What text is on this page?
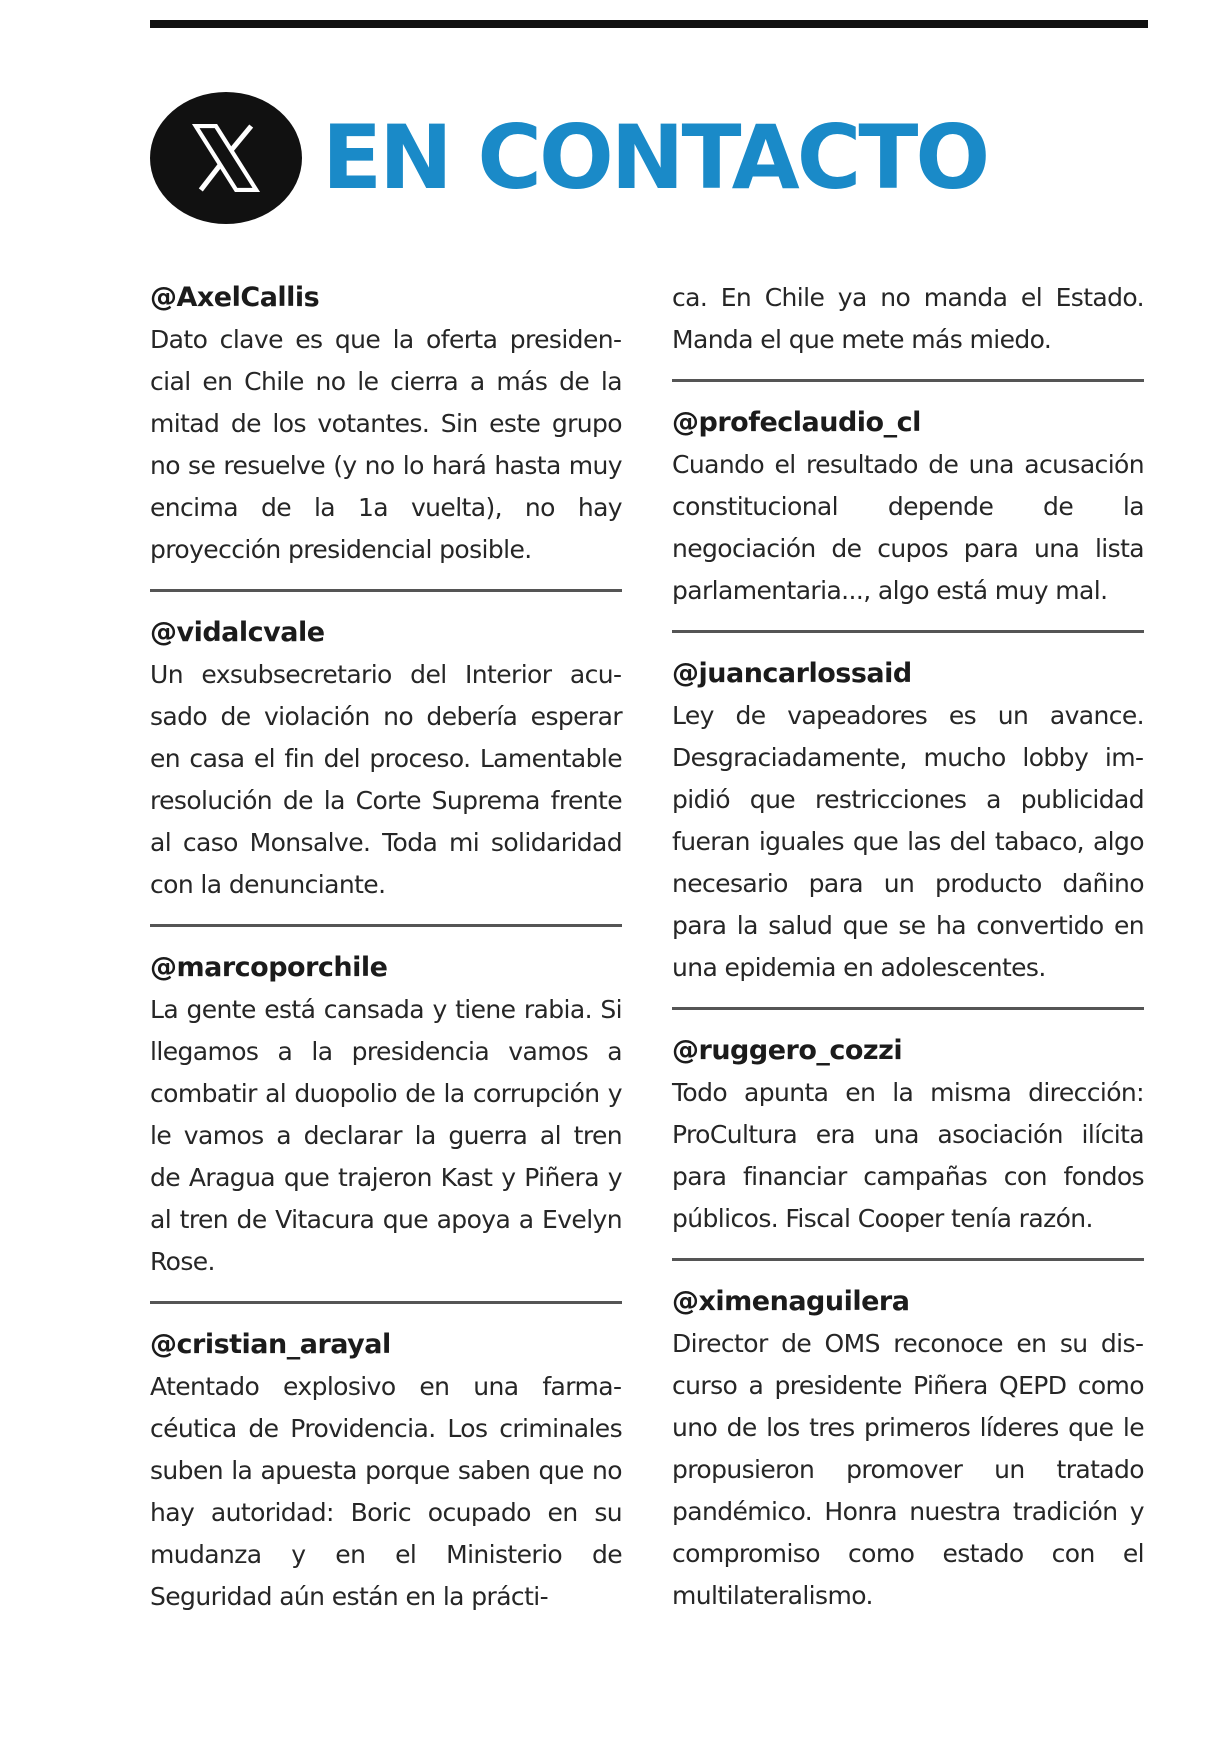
EN CONTACTO
@AxelCallis
Dato clave es que la oferta presidencial en Chile no le cierra a más de la mitad de los votantes. Sin este grupo no se resuelve (y no lo hará hasta muy encima de la 1a vuelta), no hay proyección presidencial posible.
@vidalcvale
Un exsubsecretario del Interior acusado de violación no debería esperar en casa el fin del proceso. Lamentable resolución de la Corte Suprema frente al caso Monsalve. Toda mi solidaridad con la denunciante.
@marcoporchile
La gente está cansada y tiene rabia. Si llegamos a la presidencia vamos a combatir al duopolio de la corrupción y le vamos a declarar la guerra al tren de Aragua que trajeron Kast y Piñera y al tren de Vitacura que apoya a Evelyn Rose.
@cristian_arayal
Atentado explosivo en una farmacéutica de Providencia. Los criminales suben la apuesta porque saben que no hay autoridad: Boric ocupado en su mudanza y en el Ministerio de Seguridad aún están en la prácti-
ca. En Chile ya no manda el Estado. Manda el que mete más miedo.
@profeclaudio_cl
Cuando el resultado de una acusación constitucional depende de la negociación de cupos para una lista parlamentaria..., algo está muy mal.
@juancarlossaid
Ley de vapeadores es un avance. Desgraciadamente, mucho lobby impidió que restricciones a publicidad fueran iguales que las del tabaco, algo necesario para un producto dañino para la salud que se ha convertido en una epidemia en adolescentes.
@ruggero_cozzi
Todo apunta en la misma dirección: ProCultura era una asociación ilícita para financiar campañas con fondos públicos. Fiscal Cooper tenía razón.
@ximenaguilera
Director de OMS reconoce en su discurso a presidente Piñera QEPD como uno de los tres primeros líderes que le propusieron promover un tratado pandémico. Honra nuestra tradición y compromiso como estado con el multilateralismo.
